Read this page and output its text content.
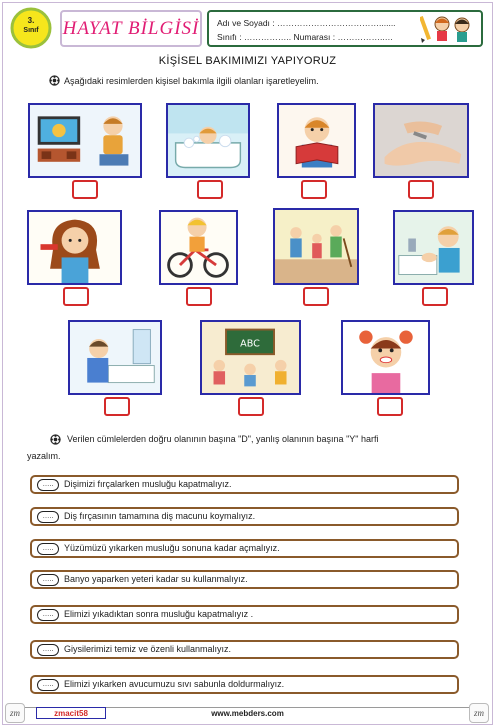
3.
Sınıf	HAYAT BİLGİSİ Adı ve Soyadı : ……………………………….......
Sınıfı : …………….. Numarası : ……………..…
KİŞİSEL BAKIMIMIZI YAPIYORUZ
Aşağıdaki resimlerden kişisel bakımla ilgili olanları işaretleyelim.
ABC
Verilen cümlelerden doğru olanının başına "D", yanlış olanının başına "Y" harfi
yazalım.
…..	Dişimizi fırçalarken musluğu kapatmalıyız.
…..	Diş fırçasının tamamına diş macunu koymalıyız.
…..	Yüzümüzü yıkarken musluğu sonuna kadar açmalıyız.
…..	Banyo yaparken yeteri kadar su kullanmalıyız.
…..	Elimizi yıkadıktan sonra musluğu kapatmalıyız .
…..	Giysilerimizi temiz ve özenli kullanmalıyız.
…..	Elimizi yıkarken avucumuzu sıvı sabunla doldurmalıyız.
zm	zmacit58	www.mebders.com	zm
